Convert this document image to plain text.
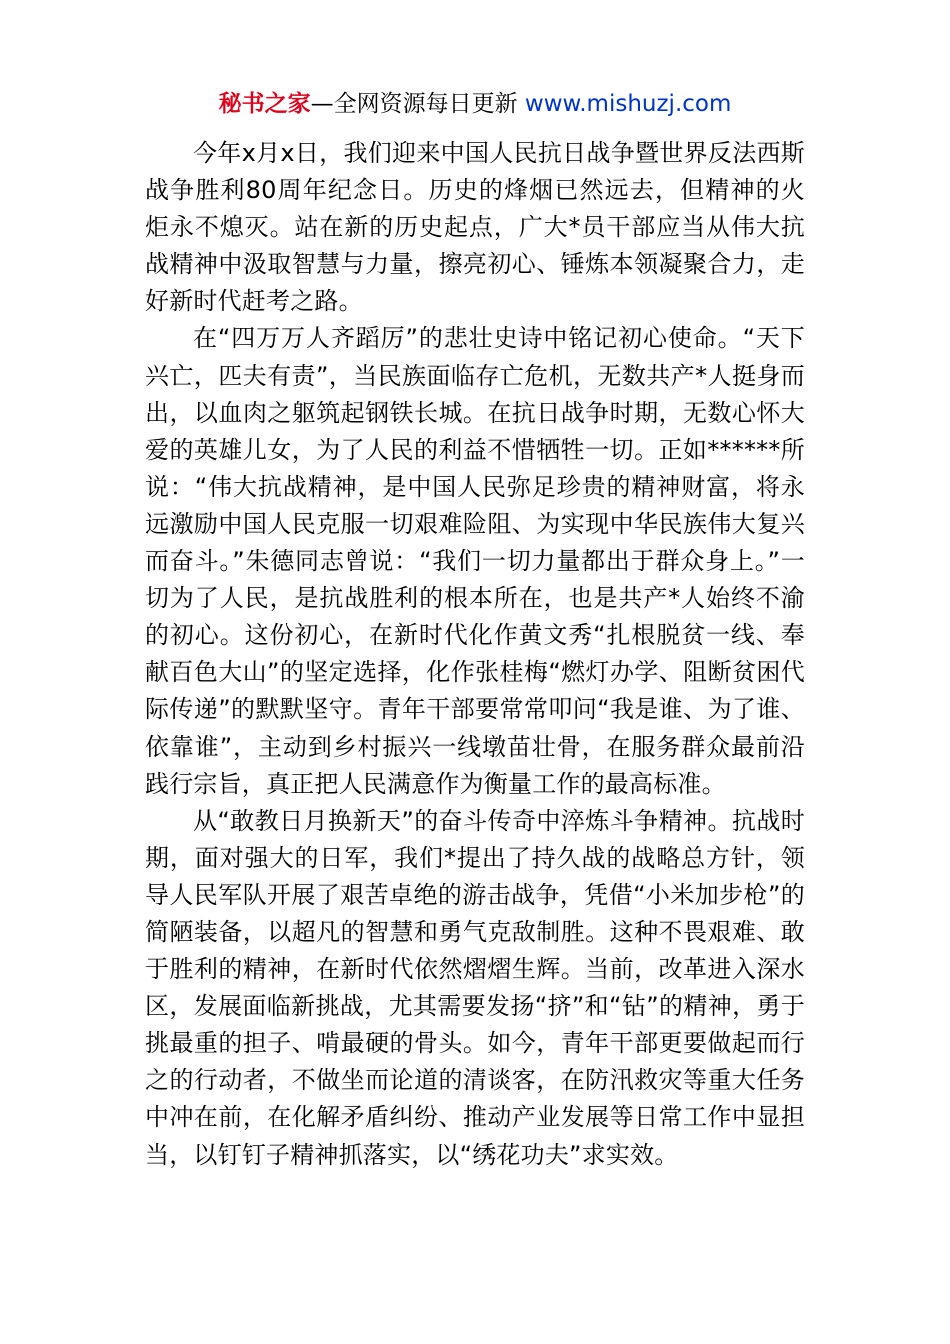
秘书之家—全网资源每日更新 www.mishuzj.com

今年x月x日，我们迎来中国人民抗日战争暨世界反法西斯战争胜利80周年纪念日。历史的烽烟已然远去，但精神的火炬永不熄灭。站在新的历史起点，广大*员干部应当从伟大抗战精神中汲取智慧与力量，擦亮初心、锤炼本领凝聚合力，走好新时代赶考之路。

在“四万万人齐蹈厉”的悲壮史诗中铭记初心使命。“天下兴亡，匹夫有责”，当民族面临存亡危机，无数共产*人挺身而出，以血肉之躯筑起钢铁长城。在抗日战争时期，无数心怀大爱的英雄儿女，为了人民的利益不惜牺牲一切。正如******所说：“伟大抗战精神，是中国人民弥足珍贵的精神财富，将永远激励中国人民克服一切艰难险阻、为实现中华民族伟大复兴而奋斗。”朱德同志曾说：“我们一切力量都出于群众身上。”一切为了人民，是抗战胜利的根本所在，也是共产*人始终不渝的初心。这份初心，在新时代化作黄文秀“扎根脱贫一线、奉献百色大山”的坚定选择，化作张桂梅“燃灯办学、阻断贫困代际传递”的默默坚守。青年干部要常常叩问“我是谁、为了谁、依靠谁”，主动到乡村振兴一线墩苗壮骨，在服务群众最前沿践行宗旨，真正把人民满意作为衡量工作的最高标准。

从“敢教日月换新天”的奋斗传奇中淬炼斗争精神。抗战时期，面对强大的日军，我们*提出了持久战的战略总方针，领导人民军队开展了艰苦卓绝的游击战争，凭借“小米加步枪”的简陋装备，以超凡的智慧和勇气克敌制胜。这种不畏艰难、敢于胜利的精神，在新时代依然熠熠生辉。当前，改革进入深水区，发展面临新挑战，尤其需要发扬“挤”和“钻”的精神，勇于挑最重的担子、啃最硬的骨头。如今，青年干部更要做起而行之的行动者，不做坐而论道的清谈客，在防汛救灾等重大任务中冲在前，在化解矛盾纠纷、推动产业发展等日常工作中显担当，以钉钉子精神抓落实，以“绣花功夫”求实效。
